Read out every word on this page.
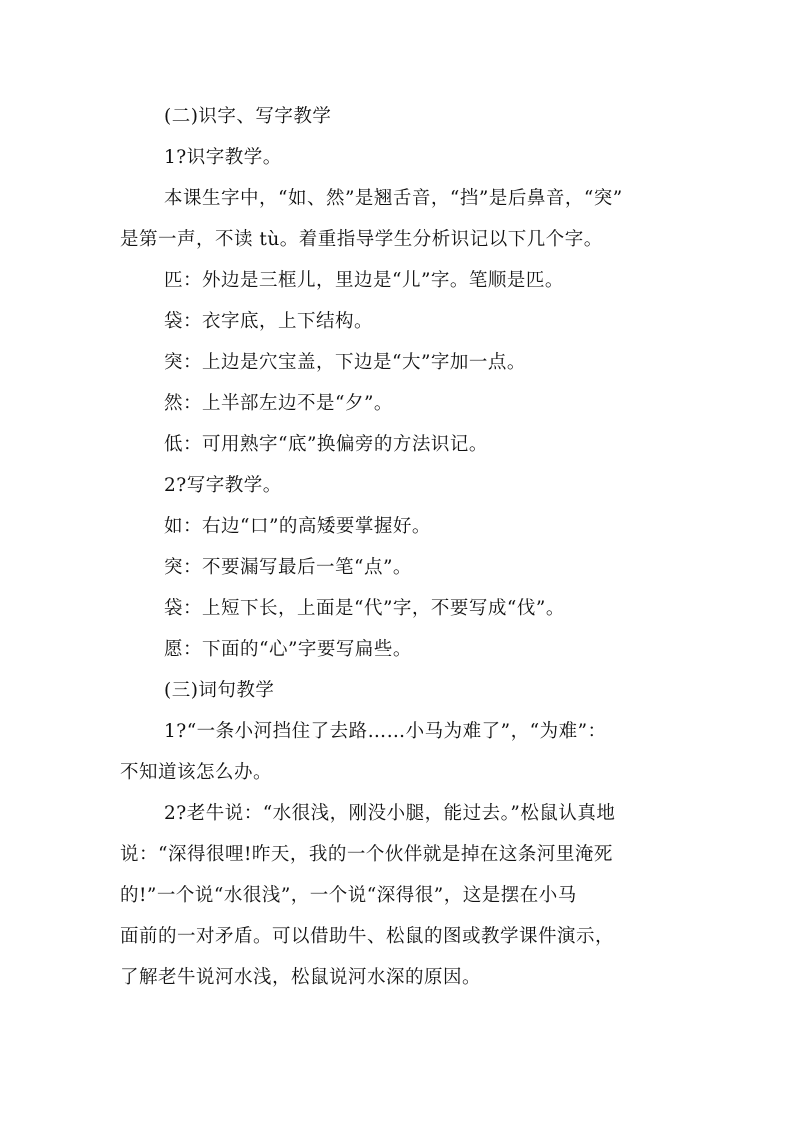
(二)识字、写字教学
1?识字教学。
本课生字中，“如、然”是翘舌音，“挡”是后鼻音，“突”
是第一声，不读 tù。着重指导学生分析识记以下几个字。
匹：外边是三框儿，里边是“儿”字。笔顺是匹。
袋：衣字底，上下结构。
突：上边是穴宝盖，下边是“大”字加一点。
然：上半部左边不是“夕”。
低：可用熟字“底”换偏旁的方法识记。
2?写字教学。
如：右边“口”的高矮要掌握好。
突：不要漏写最后一笔“点”。
袋：上短下长，上面是“代”字，不要写成“伐”。
愿：下面的“心”字要写扁些。
(三)词句教学
1?“一条小河挡住了去路……小马为难了”，“为难”：
不知道该怎么办。
2?老牛说：“水很浅，刚没小腿，能过去。”松鼠认真地
说：“深得很哩!昨天，我的一个伙伴就是掉在这条河里淹死
的!”一个说“水很浅”，一个说“深得很”，这是摆在小马
面前的一对矛盾。可以借助牛、松鼠的图或教学课件演示，
了解老牛说河水浅，松鼠说河水深的原因。
